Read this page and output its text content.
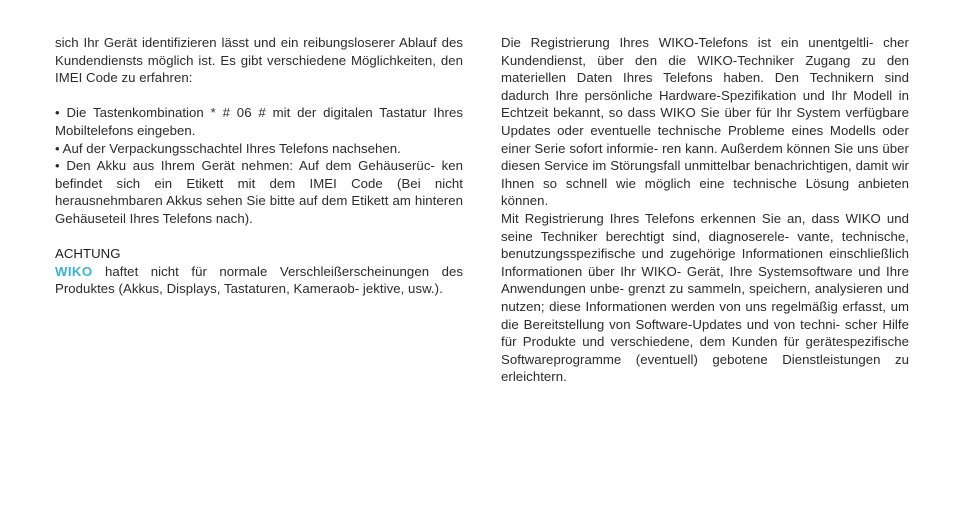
sich Ihr Gerät identifizieren lässt und ein reibungsloserer Ablauf des Kundendiensts möglich ist. Es gibt verschiedene Möglichkeiten, den IMEI Code zu erfahren:

• Die Tastenkombination * # 06 # mit der digitalen Tastatur Ihres Mobiltelefons eingeben.

• Auf der Verpackungsschachtel Ihres Telefons nachsehen.

• Den Akku aus Ihrem Gerät nehmen: Auf dem Gehäuserüc- ken befindet sich ein Etikett mit dem IMEI Code (Bei nicht herausnehmbaren Akkus sehen Sie bitte auf dem Etikett am hinteren Gehäuseteil Ihres Telefons nach).

ACHTUNG

WIKO haftet nicht für normale Verschleißerscheinungen des Produktes (Akkus, Displays, Tastaturen, Kameraob- jektive, usw.).

Die Registrierung Ihres WIKO-Telefons ist ein unentgeltli- cher Kundendienst, über den die WIKO-Techniker Zugang zu den materiellen Daten Ihres Telefons haben. Den Technikern sind dadurch Ihre persönliche Hardware-Spezifikation und Ihr Modell in Echtzeit bekannt, so dass WIKO Sie über für Ihr System verfügbare Updates oder eventuelle technische Probleme eines Modells oder einer Serie sofort informie- ren kann. Außerdem können Sie uns über diesen Service im Störungsfall unmittelbar benachrichtigen, damit wir Ihnen so schnell wie möglich eine technische Lösung anbieten können.

Mit Registrierung Ihres Telefons erkennen Sie an, dass WIKO und seine Techniker berechtigt sind, diagnoserele- vante, technische, benutzungsspezifische und zugehörige Informationen einschließlich Informationen über Ihr WIKO- Gerät, Ihre Systemsoftware und Ihre Anwendungen unbe- grenzt zu sammeln, speichern, analysieren und nutzen; diese Informationen werden von uns regelmäßig erfasst, um die Bereitstellung von Software-Updates und von techni- scher Hilfe für Produkte und verschiedene, dem Kunden für gerätespezifische Softwareprogramme (eventuell) gebotene Dienstleistungen zu erleichtern.
